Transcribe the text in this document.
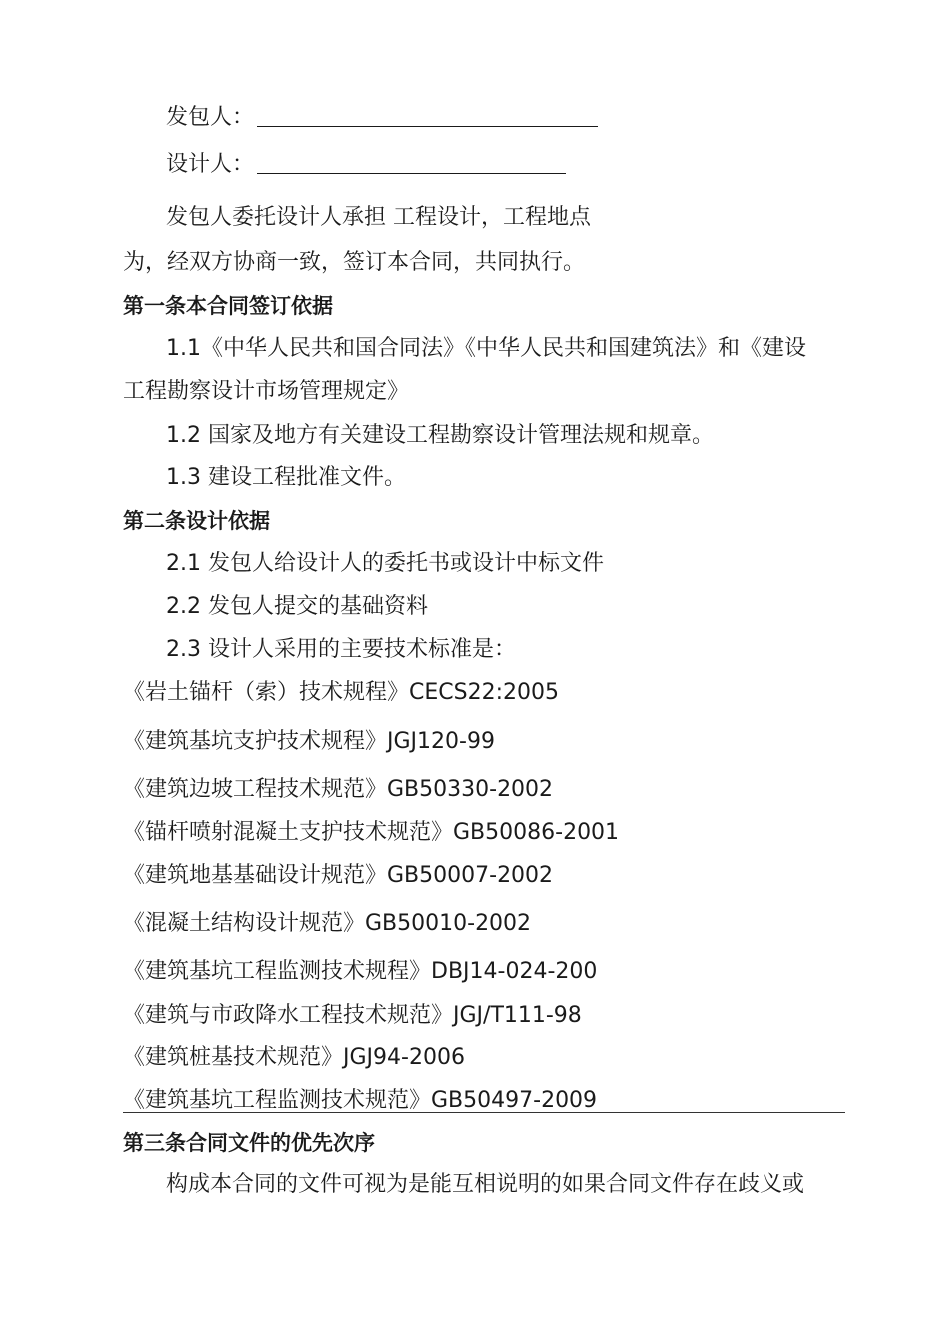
发包人：
设计人：
发包人委托设计人承担 工程设计，工程地点
为，经双方协商一致，签订本合同，共同执行。
第一条本合同签订依据
1.1《中华人民共和国合同法》《中华人民共和国建筑法》和《建设
工程勘察设计市场管理规定》
1.2 国家及地方有关建设工程勘察设计管理法规和规章。
1.3 建设工程批准文件。
第二条设计依据
2.1 发包人给设计人的委托书或设计中标文件
2.2 发包人提交的基础资料
2.3 设计人采用的主要技术标准是：
《岩土锚杆（索）技术规程》CECS22:2005
《建筑基坑支护技术规程》JGJ120-99
《建筑边坡工程技术规范》GB50330-2002
《锚杆喷射混凝土支护技术规范》GB50086-2001
《建筑地基基础设计规范》GB50007-2002
《混凝土结构设计规范》GB50010-2002
《建筑基坑工程监测技术规程》DBJ14-024-200
《建筑与市政降水工程技术规范》JGJ/T111-98
《建筑桩基技术规范》JGJ94-2006
《建筑基坑工程监测技术规范》GB50497-2009
第三条合同文件的优先次序
构成本合同的文件可视为是能互相说明的如果合同文件存在歧义或
